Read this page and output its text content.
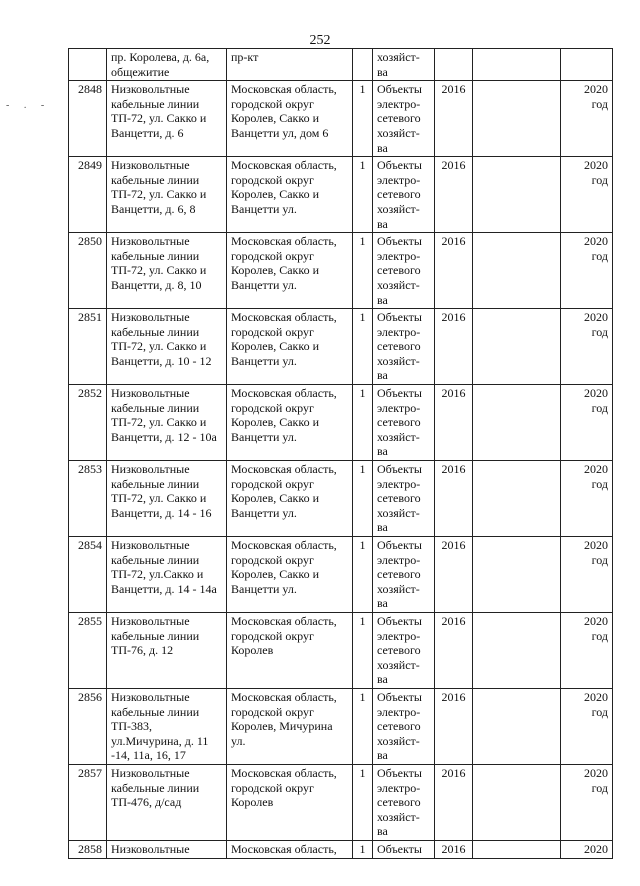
252
- . -
	пр. Королева, д. 6а, общежитие	пр-кт		хозяйст-ва			
2848	Низковольтные кабельные линии ТП-72, ул. Сакко и Ванцетти, д. 6	Московская область, городской округ Королев, Сакко и Ванцетти ул, дом 6	1	Объекты электро-сетевого хозяйст-ва	2016		2020 год
2849	Низковольтные кабельные линии ТП-72, ул. Сакко и Ванцетти, д. 6, 8	Московская область, городской округ Королев, Сакко и Ванцетти ул.	1	Объекты электро-сетевого хозяйст-ва	2016		2020 год
2850	Низковольтные кабельные линии ТП-72, ул. Сакко и Ванцетти, д. 8, 10	Московская область, городской округ Королев, Сакко и Ванцетти ул.	1	Объекты электро-сетевого хозяйст-ва	2016		2020 год
2851	Низковольтные кабельные линии ТП-72, ул. Сакко и Ванцетти, д. 10 - 12	Московская область, городской округ Королев, Сакко и Ванцетти ул.	1	Объекты электро-сетевого хозяйст-ва	2016		2020 год
2852	Низковольтные кабельные линии ТП-72, ул. Сакко и Ванцетти, д. 12 - 10а	Московская область, городской округ Королев, Сакко и Ванцетти ул.	1	Объекты электро-сетевого хозяйст-ва	2016		2020 год
2853	Низковольтные кабельные линии ТП-72, ул. Сакко и Ванцетти, д. 14 - 16	Московская область, городской округ Королев, Сакко и Ванцетти ул.	1	Объекты электро-сетевого хозяйст-ва	2016		2020 год
2854	Низковольтные кабельные линии ТП-72, ул.Сакко и Ванцетти, д. 14 - 14а	Московская область, городской округ Королев, Сакко и Ванцетти ул.	1	Объекты электро-сетевого хозяйст-ва	2016		2020 год
2855	Низковольтные кабельные линии ТП-76, д. 12	Московская область, городской округ Королев	1	Объекты электро-сетевого хозяйст-ва	2016		2020 год
2856	Низковольтные кабельные линии ТП-383, ул.Мичурина, д. 11 -14, 11а, 16, 17	Московская область, городской округ Королев, Мичурина ул.	1	Объекты электро-сетевого хозяйст-ва	2016		2020 год
2857	Низковольтные кабельные линии ТП-476, д/сад	Московская область, городской округ Королев	1	Объекты электро-сетевого хозяйст-ва	2016		2020 год
2858	Низковольтные	Московская область,	1	Объекты	2016		2020
